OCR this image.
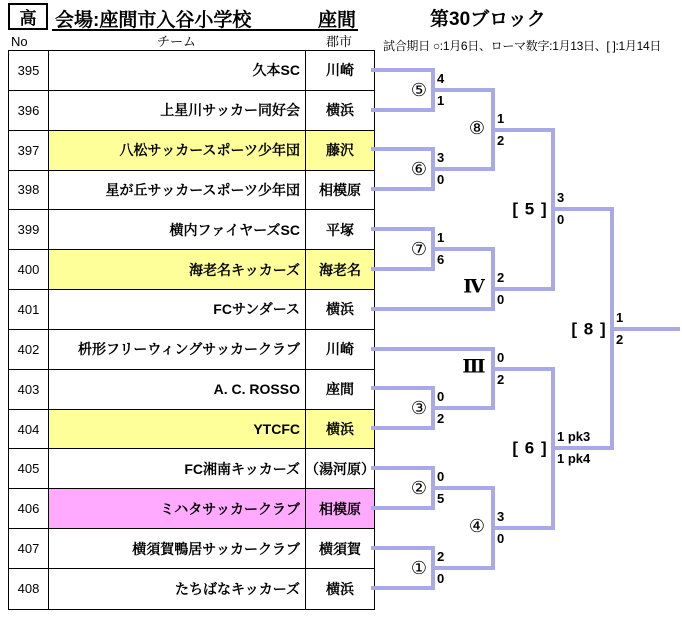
高 会場:座間市入谷小学校	座間	第30ブロック
No	チーム	郡市	試合期日 ○:1月6日、ローマ数字:1月13日、[ ]:1月14日
395	久本SC	川崎
396	上星川サッカー同好会	横浜
397	八松サッカースポーツ少年団	藤沢
398	星が丘サッカースポーツ少年団	相模原
399	横内ファイヤーズSC	平塚
400	海老名キッカーズ	海老名
401	FCサンダース	横浜
402	枡形フリーウィングサッカークラブ	川崎
403	A. C. ROSSO	座間
404	YTCFC	横浜
405	FC湘南キッカーズ （湯河原）
406	ミハタサッカークラブ	相模原
407	横須賀鴨居サッカークラブ	横須賀
408	たちばなキッカーズ	横浜
⑤
4
1
⑥
3
0
⑦
1
6
③
0
2
②
0
5
①
2
0
⑧ 1
2
Ⅳ 2
0
Ⅲ 0
2
④ 3
0
[ 5 ]
3
0
[ 6 ]
1 pk3
1 pk4
[ 8 ]
1
2
